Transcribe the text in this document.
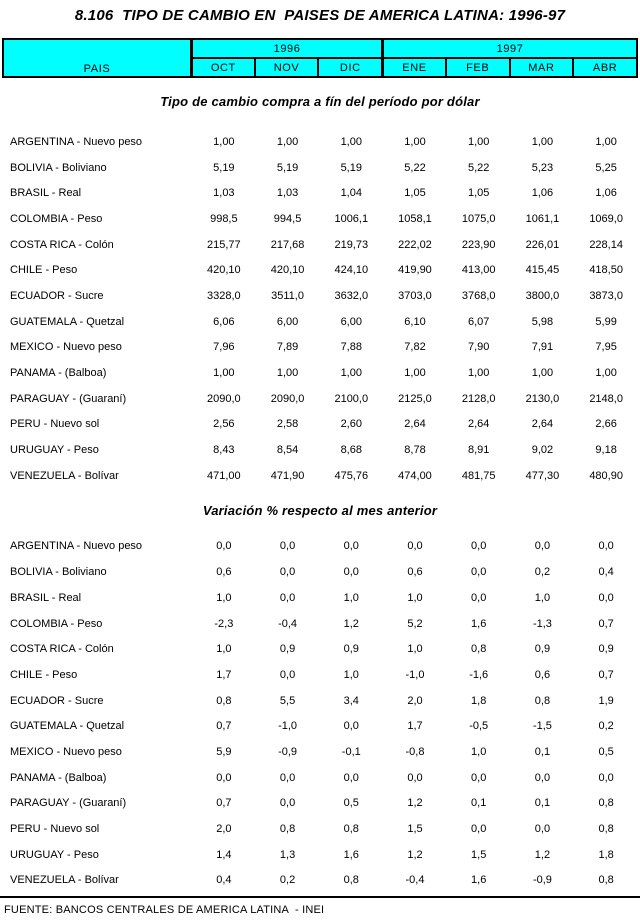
8.106  TIPO DE CAMBIO EN  PAISES DE AMERICA LATINA: 1996-97
PAIS
1996	1997
OCT	NOV	DIC	ENE	FEB	MAR	ABR
Tipo de cambio compra a fín del período por dólar
ARGENTINA - Nuevo peso	1,00	1,00	1,00	1,00	1,00	1,00	1,00
BOLIVIA - Boliviano	5,19	5,19	5,19	5,22	5,22	5,23	5,25
BRASIL - Real	1,03	1,03	1,04	1,05	1,05	1,06	1,06
COLOMBIA - Peso	998,5	994,5	1006,1	1058,1	1075,0	1061,1	1069,0
COSTA RICA - Colón	215,77	217,68	219,73	222,02	223,90	226,01	228,14
CHILE - Peso	420,10	420,10	424,10	419,90	413,00	415,45	418,50
ECUADOR - Sucre	3328,0	3511,0	3632,0	3703,0	3768,0	3800,0	3873,0
GUATEMALA - Quetzal	6,06	6,00	6,00	6,10	6,07	5,98	5,99
MEXICO - Nuevo peso	7,96	7,89	7,88	7,82	7,90	7,91	7,95
PANAMA - (Balboa)	1,00	1,00	1,00	1,00	1,00	1,00	1,00
PARAGUAY - (Guaraní)	2090,0	2090,0	2100,0	2125,0	2128,0	2130,0	2148,0
PERU - Nuevo sol	2,56	2,58	2,60	2,64	2,64	2,64	2,66
URUGUAY - Peso	8,43	8,54	8,68	8,78	8,91	9,02	9,18
VENEZUELA - Bolívar	471,00	471,90	475,76	474,00	481,75	477,30	480,90
Variación % respecto al mes anterior
ARGENTINA - Nuevo peso	0,0	0,0	0,0	0,0	0,0	0,0	0,0
BOLIVIA - Boliviano	0,6	0,0	0,0	0,6	0,0	0,2	0,4
BRASIL - Real	1,0	0,0	1,0	1,0	0,0	1,0	0,0
COLOMBIA - Peso	-2,3	-0,4	1,2	5,2	1,6	-1,3	0,7
COSTA RICA - Colón	1,0	0,9	0,9	1,0	0,8	0,9	0,9
CHILE - Peso	1,7	0,0	1,0	-1,0	-1,6	0,6	0,7
ECUADOR - Sucre	0,8	5,5	3,4	2,0	1,8	0,8	1,9
GUATEMALA - Quetzal	0,7	-1,0	0,0	1,7	-0,5	-1,5	0,2
MEXICO - Nuevo peso	5,9	-0,9	-0,1	-0,8	1,0	0,1	0,5
PANAMA - (Balboa)	0,0	0,0	0,0	0,0	0,0	0,0	0,0
PARAGUAY - (Guaraní)	0,7	0,0	0,5	1,2	0,1	0,1	0,8
PERU - Nuevo sol	2,0	0,8	0,8	1,5	0,0	0,0	0,8
URUGUAY - Peso	1,4	1,3	1,6	1,2	1,5	1,2	1,8
VENEZUELA - Bolívar	0,4	0,2	0,8	-0,4	1,6	-0,9	0,8
FUENTE: BANCOS CENTRALES DE AMERICA LATINA  - INEI
